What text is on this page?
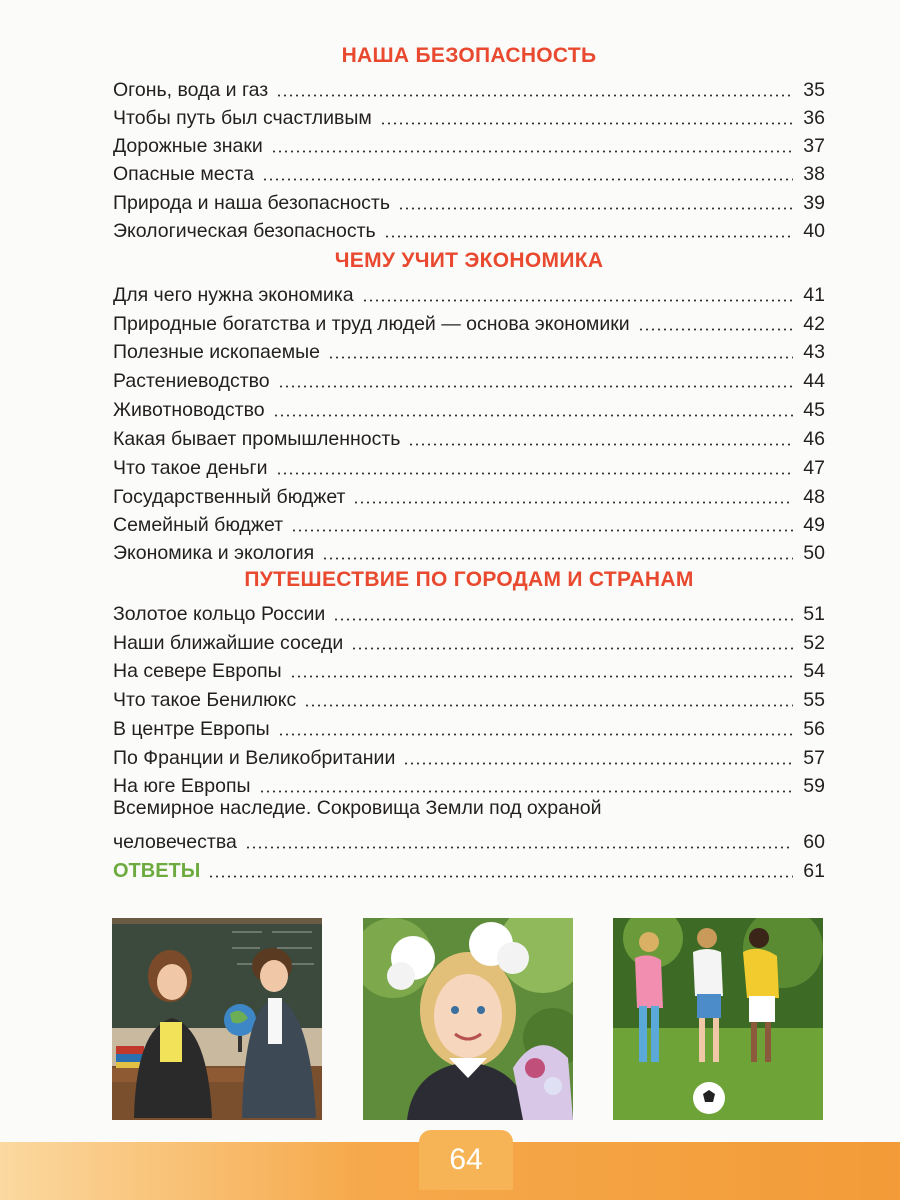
НАША БЕЗОПАСНОСТЬ
Огонь, вода и газ	35
Чтобы путь был счастливым	36
Дорожные знаки	37
Опасные места	38
Природа и наша безопасность	39
Экологическая безопасность	40
ЧЕМУ УЧИТ ЭКОНОМИКА
Для чего нужна экономика	41
Природные богатства и труд людей — основа экономики	42
Полезные ископаемые	43
Растениеводство	44
Животноводство	45
Какая бывает промышленность	46
Что такое деньги	47
Государственный бюджет	48
Семейный бюджет	49
Экономика и экология	50
ПУТЕШЕСТВИЕ ПО ГОРОДАМ И СТРАНАМ
Золотое кольцо России	51
Наши ближайшие соседи	52
На севере Европы	54
Что такое Бенилюкс	55
В центре Европы	56
По Франции и Великобритании	57
На юге Европы	59
Всемирное наследие. Сокровища Земли под охраной
человечества	60
ОТВЕТЫ	61
64
